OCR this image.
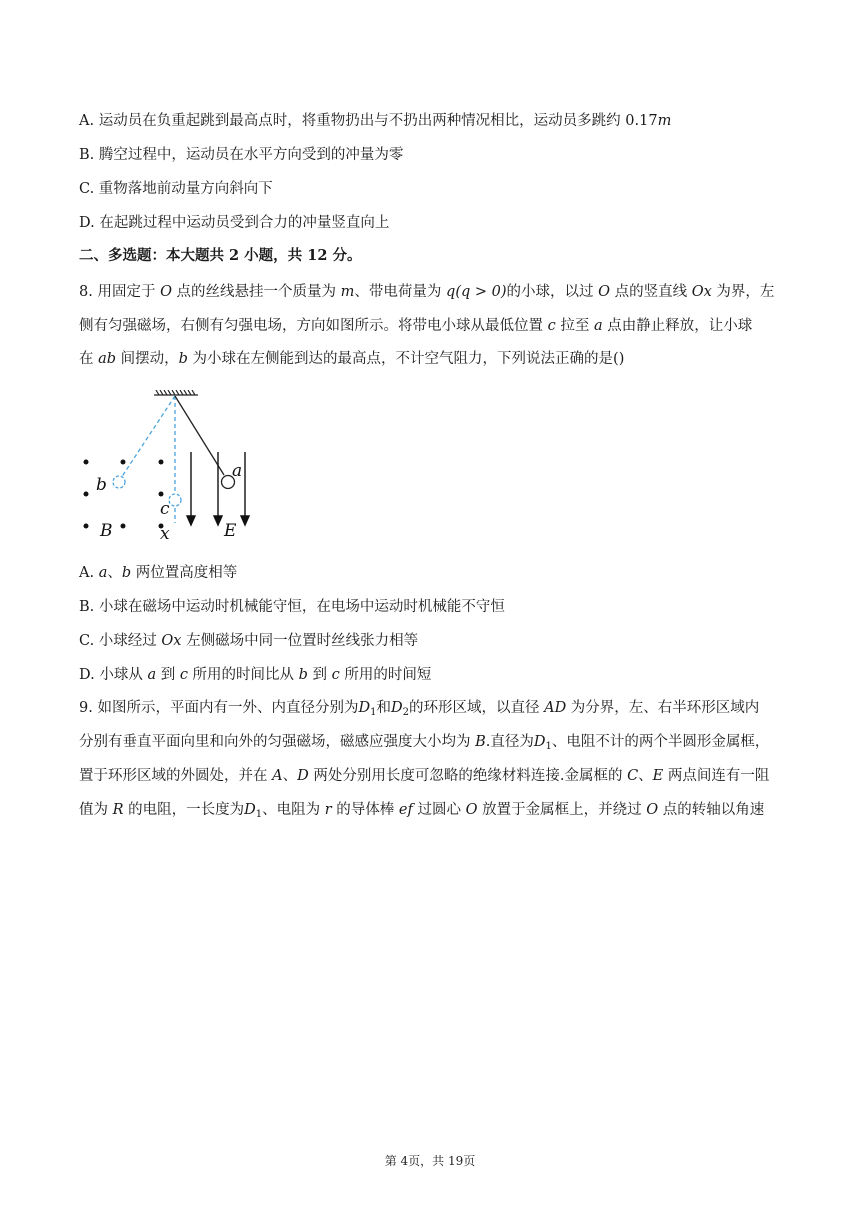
A. 运动员在负重起跳到最高点时，将重物扔出与不扔出两种情况相比，运动员多跳约 0.17m
B. 腾空过程中，运动员在水平方向受到的冲量为零
C. 重物落地前动量方向斜向下
D. 在起跳过程中运动员受到合力的冲量竖直向上
二、多选题：本大题共 2 小题，共 12 分。
8. 用固定于 O 点的丝线悬挂一个质量为 m、带电荷量为 q(q > 0)的小球，以过 O 点的竖直线 Ox 为界，左
侧有匀强磁场，右侧有匀强电场，方向如图所示。将带电小球从最低位置 c 拉至 a 点由静止释放，让小球
在 ab 间摆动，b 为小球在左侧能到达的最高点，不计空气阻力，下列说法正确的是()
a
b
c
x
B	E
A. a、b 两位置高度相等
B. 小球在磁场中运动时机械能守恒，在电场中运动时机械能不守恒
C. 小球经过 Ox 左侧磁场中同一位置时丝线张力相等
D. 小球从 a 到 c 所用的时间比从 b 到 c 所用的时间短
9. 如图所示，平面内有一外、内直径分别为$D_1$和$D_2$的环形区域，以直径 AD 为分界，左、右半环形区域内
分别有垂直平面向里和向外的匀强磁场，磁感应强度大小均为 B.直径为$D_1$、电阻不计的两个半圆形金属框，
置于环形区域的外圆处，并在 A、D 两处分别用长度可忽略的绝缘材料连接.金属框的 C、E 两点间连有一阻
值为 R 的电阻，一长度为$D_1$、电阻为 r 的导体棒 ef 过圆心 O 放置于金属框上，并绕过 O 点的转轴以角速
第 4页，共 19页
